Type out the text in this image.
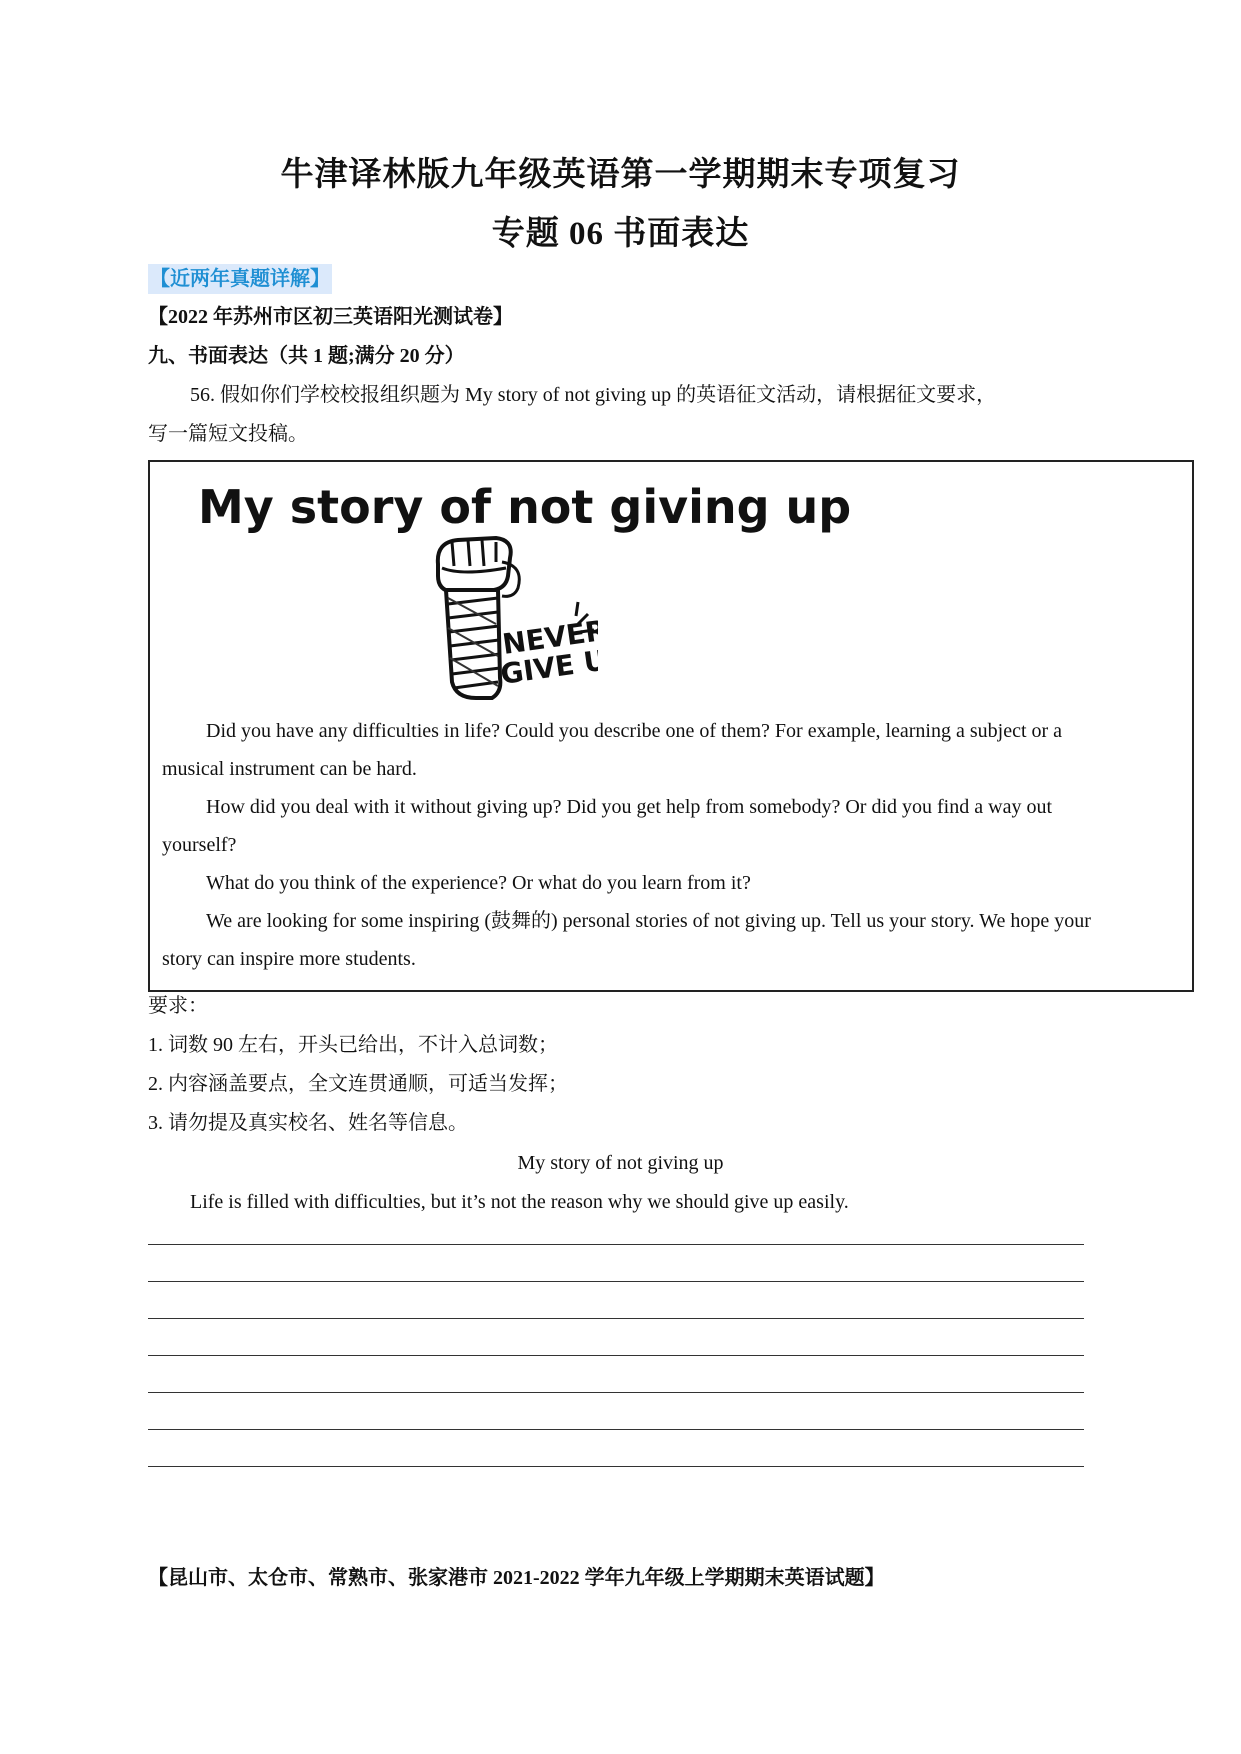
牛津译林版九年级英语第一学期期末专项复习
专题 06 书面表达
【近两年真题详解】
【2022 年苏州市区初三英语阳光测试卷】
九、书面表达（共 1 题;满分 20 分）
56. 假如你们学校校报组织题为 My story of not giving up 的英语征文活动，请根据征文要求，
写一篇短文投稿。
My story of not giving up
NEVER
GIVE UP
Did you have any difficulties in life? Could you describe one of them? For example, learning a subject or a
musical instrument can be hard.
How did you deal with it without giving up? Did you get help from somebody? Or did you find a way out
yourself?
What do you think of the experience? Or what do you learn from it?
We are looking for some inspiring (鼓舞的) personal stories of not giving up. Tell us your story. We hope your
story can inspire more students.
要求：
1. 词数 90 左右，开头已给出，不计入总词数；
2. 内容涵盖要点，全文连贯通顺，可适当发挥；
3. 请勿提及真实校名、姓名等信息。
My story of not giving up
Life is filled with difficulties, but it’s not the reason why we should give up easily.
【昆山市、太仓市、常熟市、张家港市 2021-2022 学年九年级上学期期末英语试题】
